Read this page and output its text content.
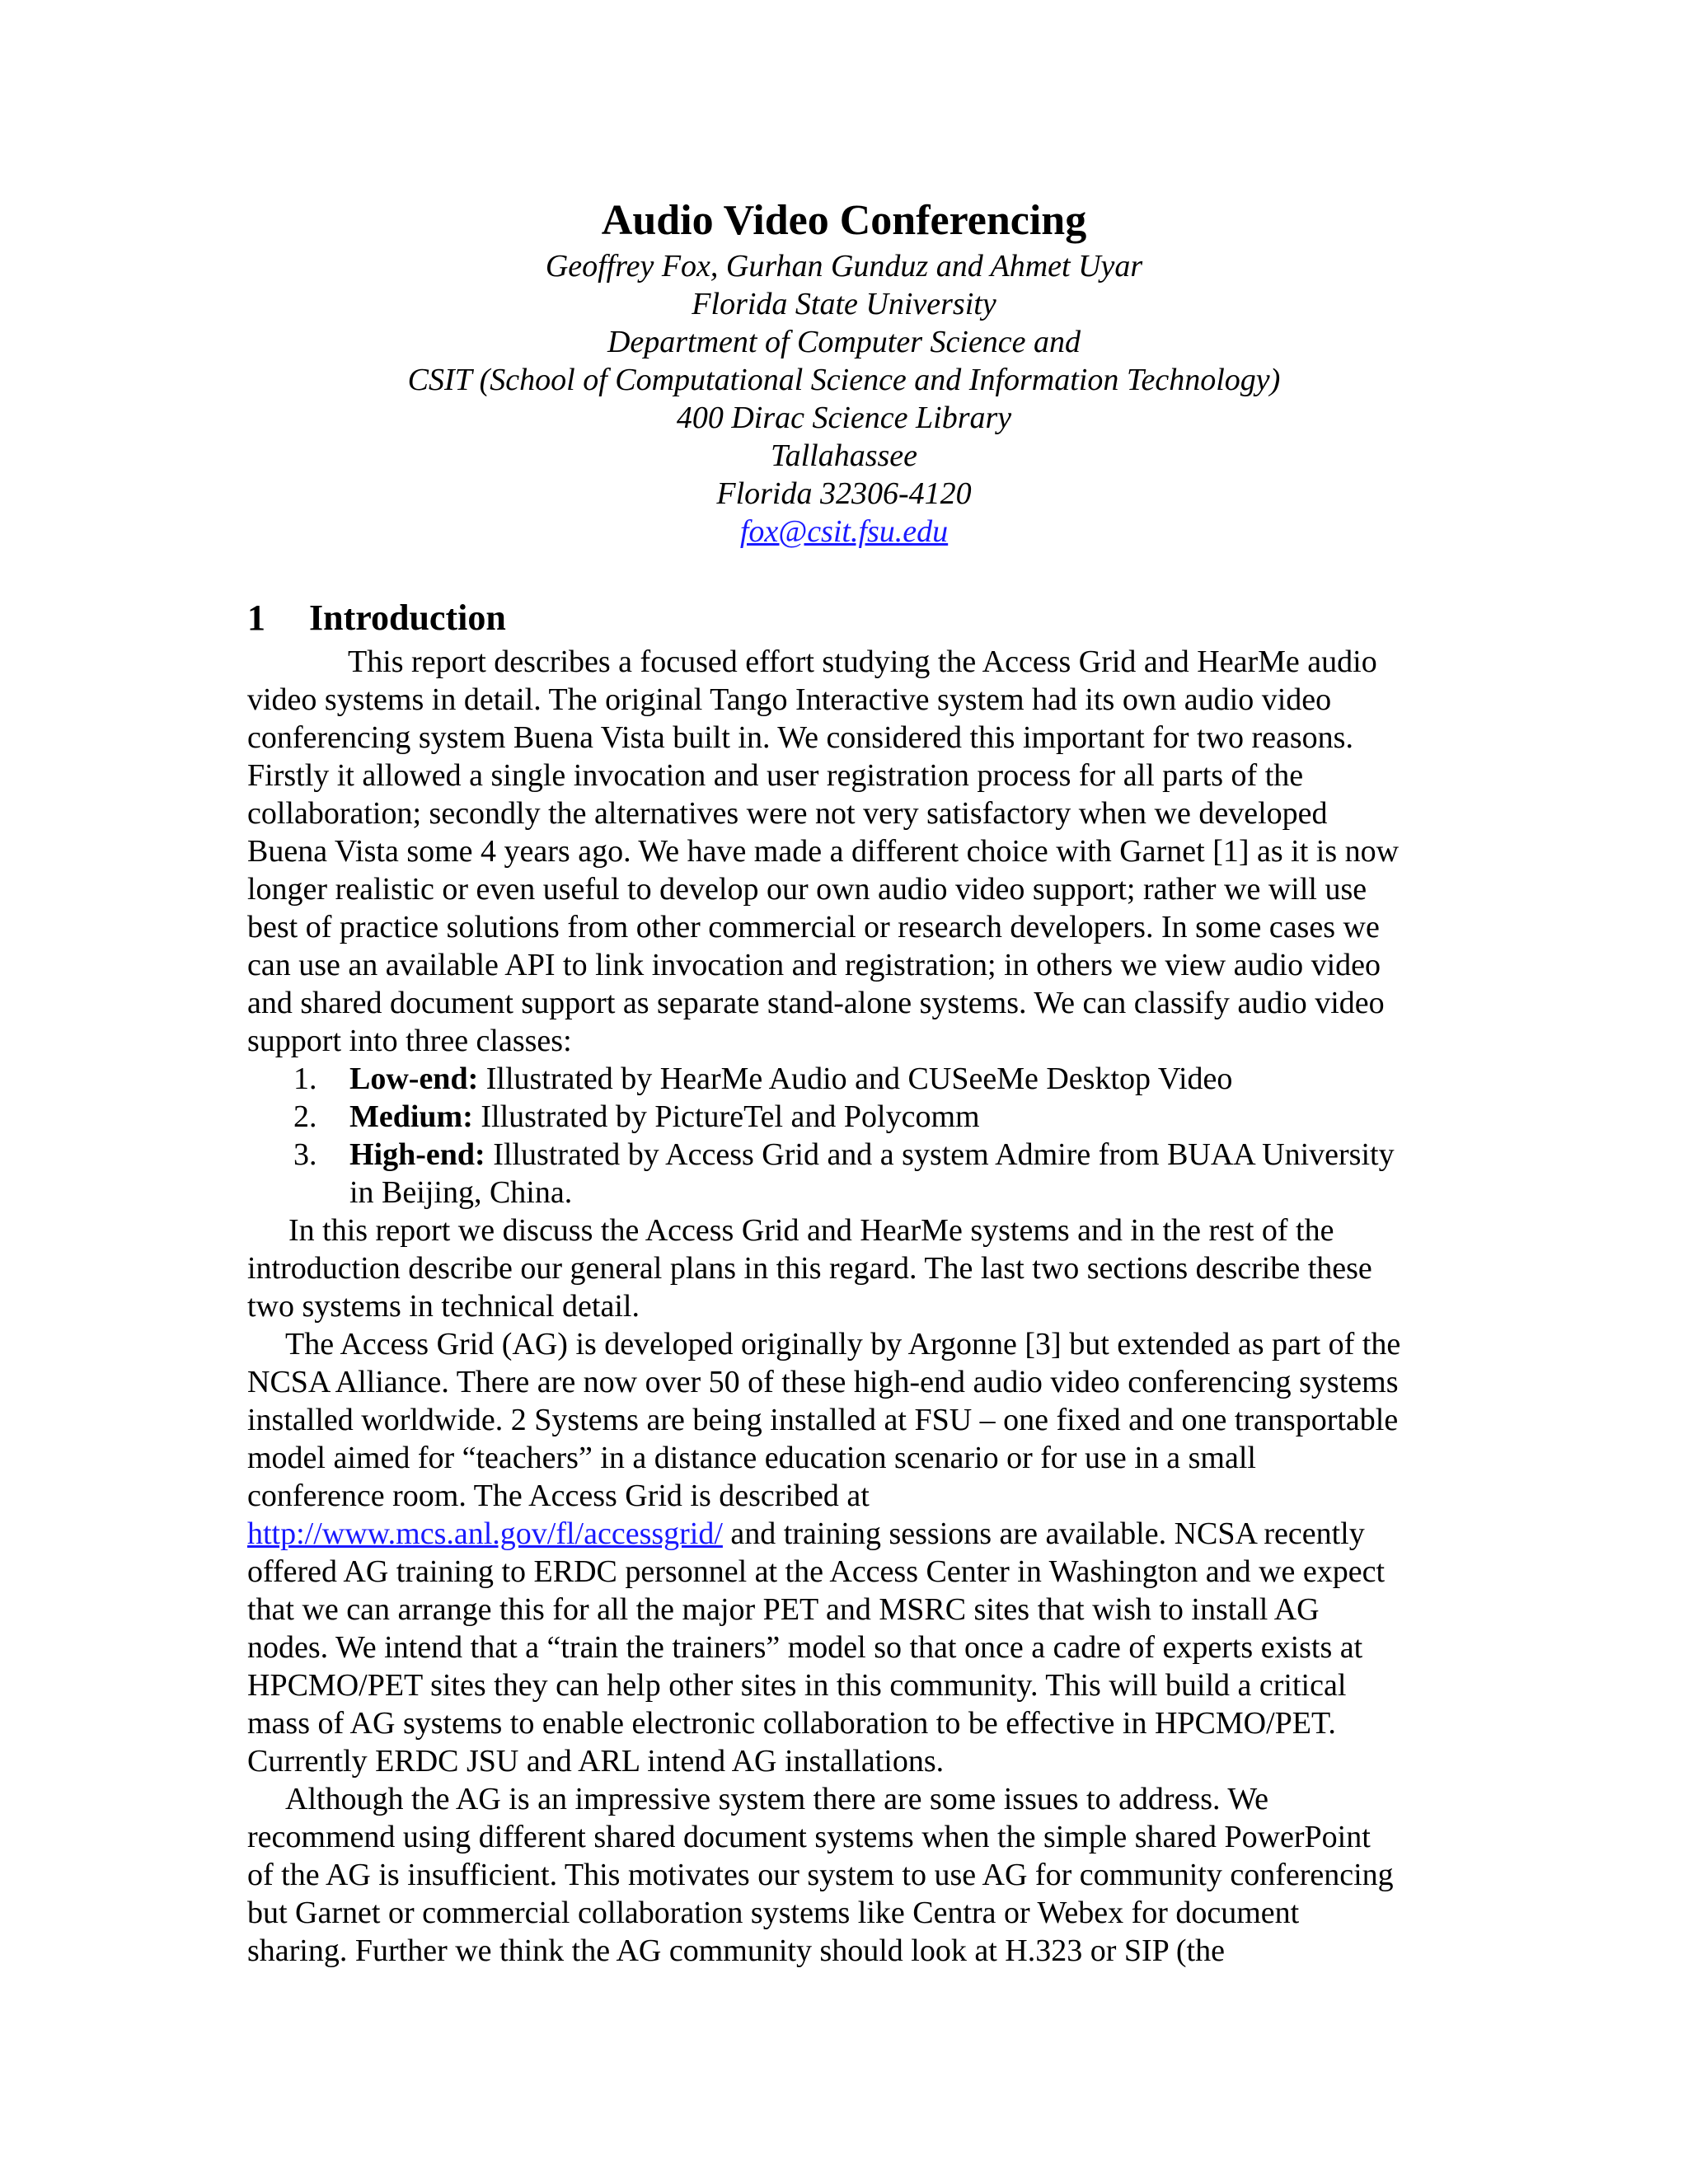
Audio Video Conferencing
Geoffrey Fox, Gurhan Gunduz and Ahmet Uyar
Florida State University
Department of Computer Science and
CSIT (School of Computational Science and Information Technology)
400 Dirac Science Library
Tallahassee
Florida 32306-4120
fox@csit.fsu.edu
1 Introduction

This report describes a focused effort studying the Access Grid and HearMe audio video systems in detail. The original Tango Interactive system had its own audio video conferencing system Buena Vista built in. We considered this important for two reasons. Firstly it allowed a single invocation and user registration process for all parts of the collaboration; secondly the alternatives were not very satisfactory when we developed Buena Vista some 4 years ago. We have made a different choice with Garnet [1] as it is now longer realistic or even useful to develop our own audio video support; rather we will use best of practice solutions from other commercial or research developers. In some cases we can use an available API to link invocation and registration; in others we view audio video and shared document support as separate stand-alone systems. We can classify audio video support into three classes:

1.	Low-end: Illustrated by HearMe Audio and CUSeeMe Desktop Video
2.	Medium: Illustrated by PictureTel and Polycomm
3.	High-end: Illustrated by Access Grid and a system Admire from BUAA University in Beijing, China.

In this report we discuss the Access Grid and HearMe systems and in the rest of the introduction describe our general plans in this regard. The last two sections describe these two systems in technical detail.

The Access Grid (AG) is developed originally by Argonne [3] but extended as part of the NCSA Alliance. There are now over 50 of these high-end audio video conferencing systems installed worldwide. 2 Systems are being installed at FSU – one fixed and one transportable model aimed for “teachers” in a distance education scenario or for use in a small conference room. The Access Grid is described at
http://www.mcs.anl.gov/fl/accessgrid/ and training sessions are available. NCSA recently offered AG training to ERDC personnel at the Access Center in Washington and we expect that we can arrange this for all the major PET and MSRC sites that wish to install AG nodes. We intend that a “train the trainers” model so that once a cadre of experts exists at HPCMO/PET sites they can help other sites in this community. This will build a critical mass of AG systems to enable electronic collaboration to be effective in HPCMO/PET. Currently ERDC JSU and ARL intend AG installations.

Although the AG is an impressive system there are some issues to address. We recommend using different shared document systems when the simple shared PowerPoint of the AG is insufficient. This motivates our system to use AG for community conferencing but Garnet or commercial collaboration systems like Centra or Webex for document sharing. Further we think the AG community should look at H.323 or SIP (the
